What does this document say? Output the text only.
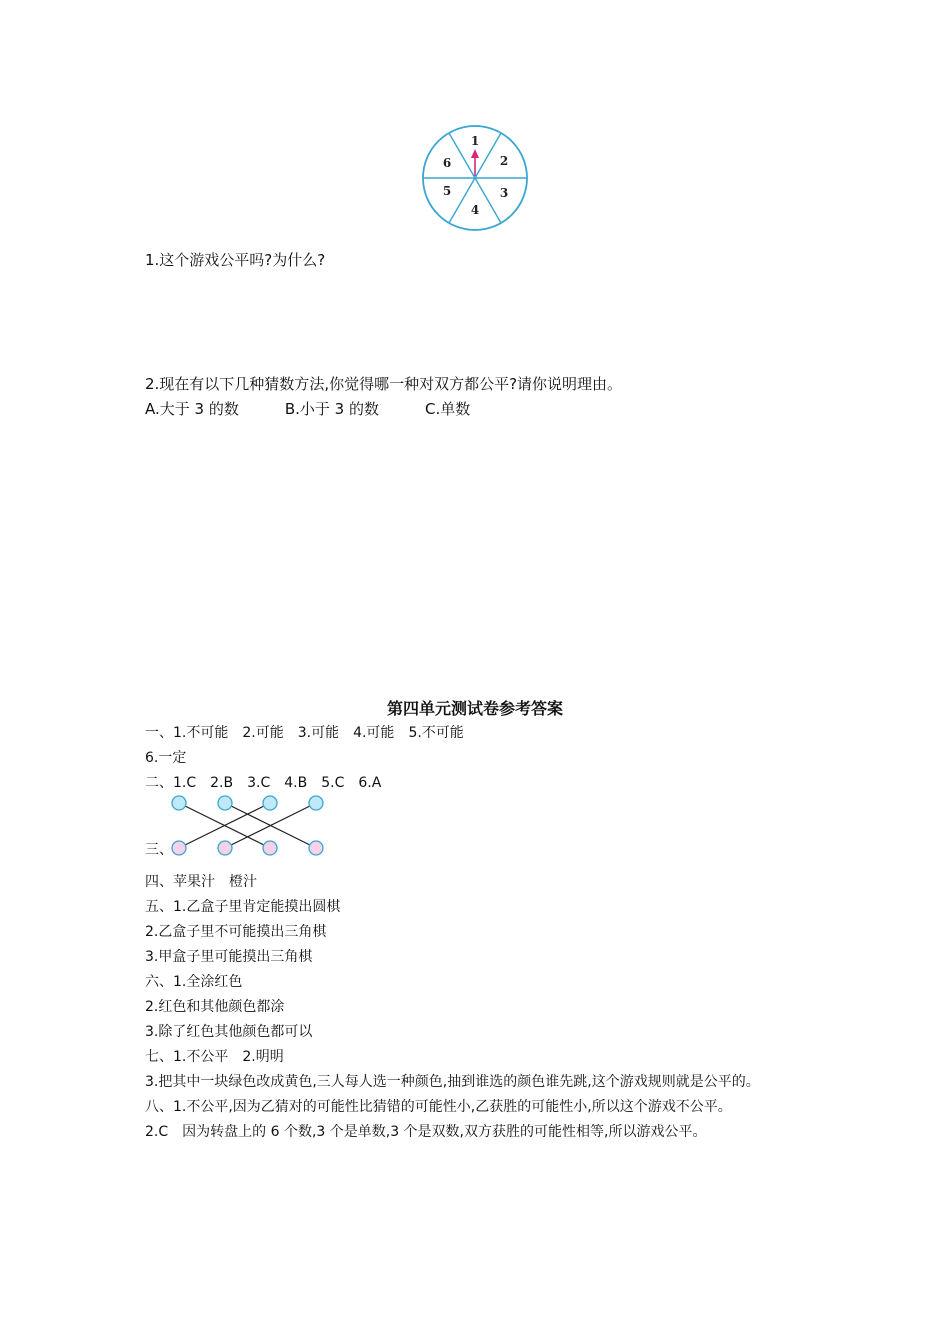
1
2
3
4
5
6
1.这个游戏公平吗?为什么?
2.现在有以下几种猜数方法,你觉得哪一种对双方都公平?请你说明理由。
A.大于 3 的数	B.小于 3 的数	C.单数
第四单元测试卷参考答案
一、1.不可能 2.可能 3.可能 4.可能 5.不可能
6.一定
二、1.C 2.B 3.C 4.B 5.C 6.A
三、
四、苹果汁　橙汁
五、1.乙盒子里肯定能摸出圆棋
2.乙盒子里不可能摸出三角棋
3.甲盒子里可能摸出三角棋
六、1.全涂红色
2.红色和其他颜色都涂
3.除了红色其他颜色都可以
七、1.不公平　2.明明
3.把其中一块绿色改成黄色,三人每人选一种颜色,抽到谁选的颜色谁先跳,这个游戏规则就是公平的。
八、1.不公平,因为乙猜对的可能性比猜错的可能性小,乙获胜的可能性小,所以这个游戏不公平。
2.C　因为转盘上的 6 个数,3 个是单数,3 个是双数,双方获胜的可能性相等,所以游戏公平。
